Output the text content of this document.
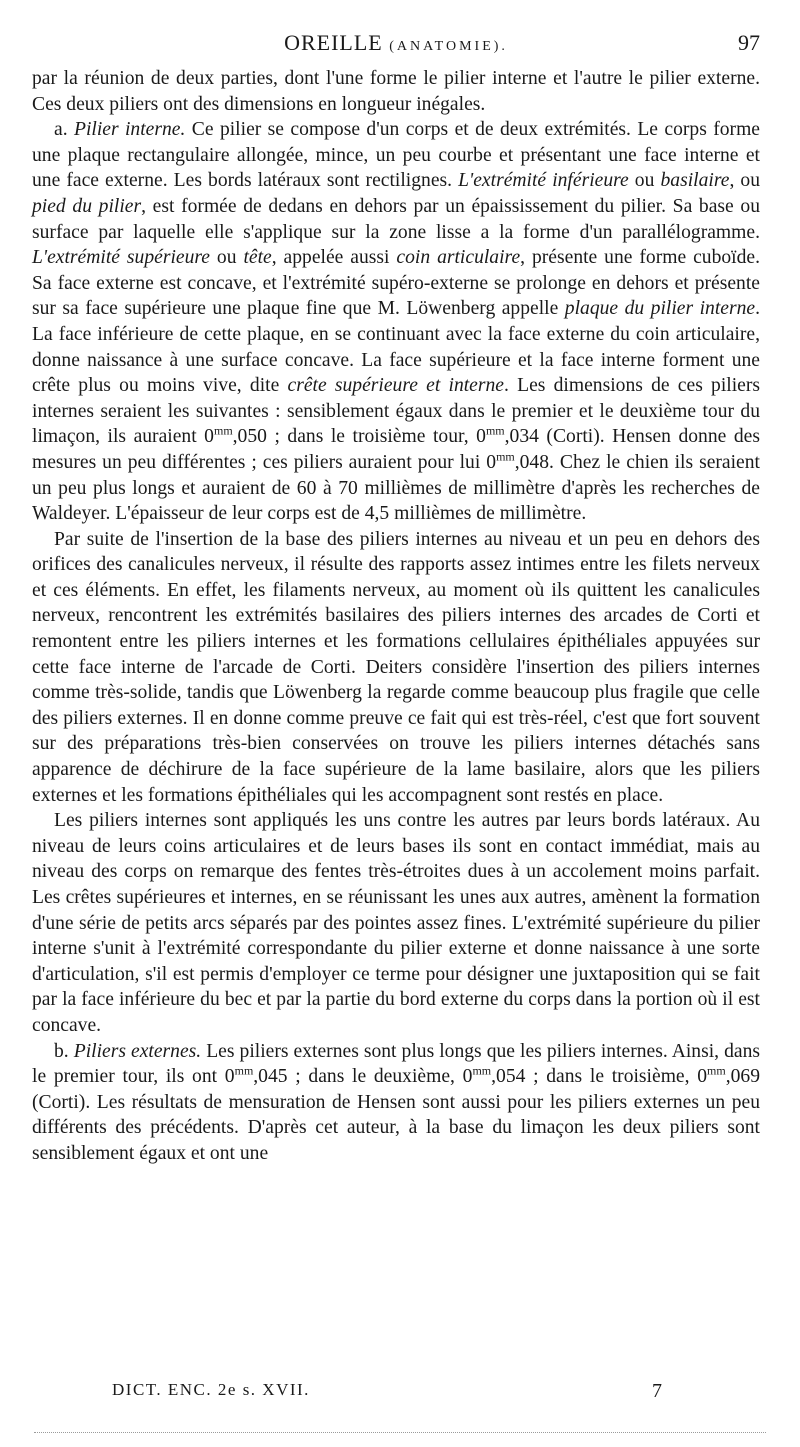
OREILLE (ANATOMIE).	97

par la réunion de deux parties, dont l'une forme le pilier interne et l'autre le pilier externe. Ces deux piliers ont des dimensions en longueur inégales.

a. Pilier interne. Ce pilier se compose d'un corps et de deux extrémités. Le corps forme une plaque rectangulaire allongée, mince, un peu courbe et présentant une face interne et une face externe. Les bords latéraux sont rectilignes. L'extrémité inférieure ou basilaire, ou pied du pilier, est formée de dedans en dehors par un épaississement du pilier. Sa base ou surface par laquelle elle s'applique sur la zone lisse a la forme d'un parallélogramme. L'extrémité supérieure ou tête, appelée aussi coin articulaire, présente une forme cuboïde. Sa face externe est concave, et l'extrémité supéro-externe se prolonge en dehors et présente sur sa face supérieure une plaque fine que M. Löwenberg appelle plaque du pilier interne. La face inférieure de cette plaque, en se continuant avec la face externe du coin articulaire, donne naissance à une surface concave. La face supérieure et la face interne forment une crête plus ou moins vive, dite crête supérieure et interne. Les dimensions de ces piliers internes seraient les suivantes : sensiblement égaux dans le premier et le deuxième tour du limaçon, ils auraient $0^{mm},050$ ; dans le troisième tour, $0^{mm},034$ (Corti). Hensen donne des mesures un peu différentes ; ces piliers auraient pour lui $0^{mm},048$. Chez le chien ils seraient un peu plus longs et auraient de 60 à 70 millièmes de millimètre d'après les recherches de Waldeyer. L'épaisseur de leur corps est de 4,5 millièmes de millimètre.

Par suite de l'insertion de la base des piliers internes au niveau et un peu en dehors des orifices des canalicules nerveux, il résulte des rapports assez intimes entre les filets nerveux et ces éléments. En effet, les filaments nerveux, au moment où ils quittent les canalicules nerveux, rencontrent les extrémités basilaires des piliers internes des arcades de Corti et remontent entre les piliers internes et les formations cellulaires épithéliales appuyées sur cette face interne de l'arcade de Corti. Deiters considère l'insertion des piliers internes comme très-solide, tandis que Löwenberg la regarde comme beaucoup plus fragile que celle des piliers externes. Il en donne comme preuve ce fait qui est très-réel, c'est que fort souvent sur des préparations très-bien conservées on trouve les piliers internes détachés sans apparence de déchirure de la face supérieure de la lame basilaire, alors que les piliers externes et les formations épithéliales qui les accompagnent sont restés en place.

Les piliers internes sont appliqués les uns contre les autres par leurs bords latéraux. Au niveau de leurs coins articulaires et de leurs bases ils sont en contact immédiat, mais au niveau des corps on remarque des fentes très-étroites dues à un accolement moins parfait. Les crêtes supérieures et internes, en se réunissant les unes aux autres, amènent la formation d'une série de petits arcs séparés par des pointes assez fines. L'extrémité supérieure du pilier interne s'unit à l'extrémité correspondante du pilier externe et donne naissance à une sorte d'articulation, s'il est permis d'employer ce terme pour désigner une juxtaposition qui se fait par la face inférieure du bec et par la partie du bord externe du corps dans la portion où il est concave.

b. Piliers externes. Les piliers externes sont plus longs que les piliers internes. Ainsi, dans le premier tour, ils ont $0^{mm},045$ ; dans le deuxième, $0^{mm},054$ ; dans le troisième, $0^{mm},069$ (Corti). Les résultats de mensuration de Hensen sont aussi pour les piliers externes un peu différents des précédents. D'après cet auteur, à la base du limaçon les deux piliers sont sensiblement égaux et ont une

DICT. ENC. 2e s. XVII.	7
